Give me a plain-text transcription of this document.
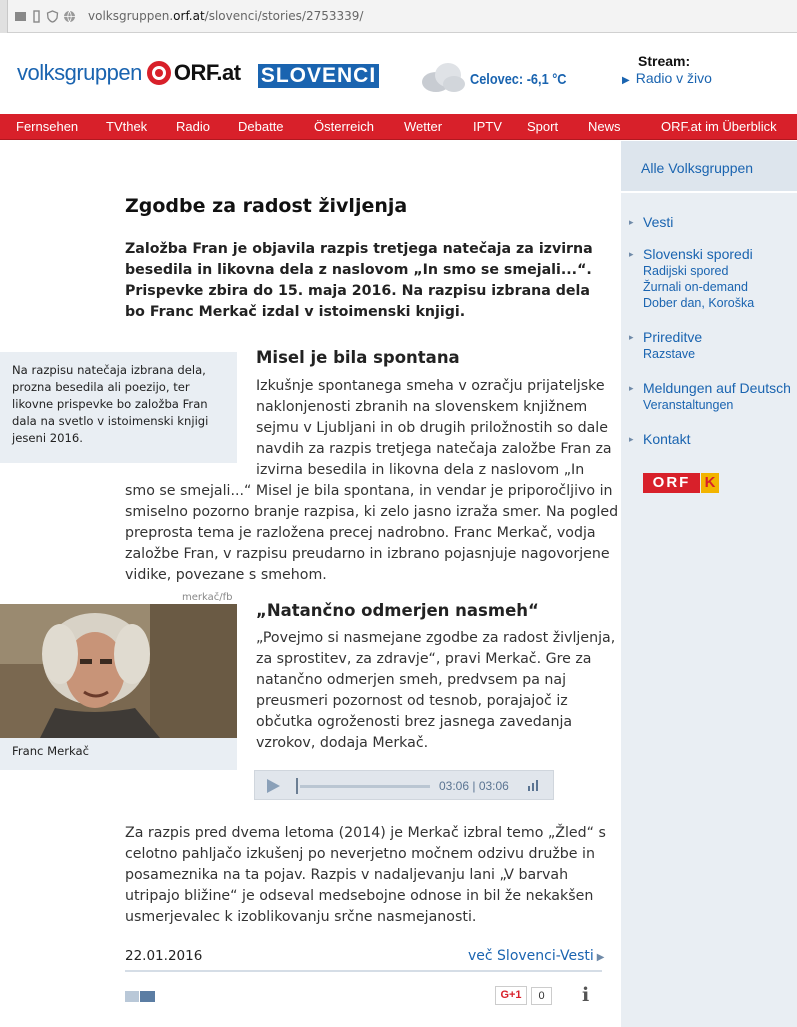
volksgruppen.orf.at/slovenci/stories/2753339/
volksgruppen ORF.at SLOVENCI	Celovec: -6,1 °C
Stream:
▶ Radio v živo
Fernsehen TVthek Radio Debatte Österreich Wetter IPTV Sport News	ORF.at im Überblick
Alle Volksgruppen
▸ Vesti
▸ Slovenski sporedi
Radijski spored
Žurnali on-demand
Dober dan, Koroška
▸ Prireditve
Razstave
▸ Meldungen auf Deutsch
Veranstaltungen
▸ Kontakt
ORF K
Zgodbe za radost življenja

Založba Fran je objavila razpis tretjega natečaja za izvirna besedila in likovna dela z naslovom „In smo se smejali...“. Prispevke zbira do 15. maja 2016. Na razpisu izbrana dela bo Franc Merkač izdal v istoimenski knjigi.

Na razpisu natečaja izbrana dela, prozna besedila ali poezijo, ter likovne prispevke bo založba Fran dala na svetlo v istoimenski knjigi jeseni 2016.
Misel je bila spontana
Izkušnje spontanega smeha v ozračju prijateljske
naklonjenosti zbranih na slovenskem knjižnem
sejmu v Ljubljani in ob drugih priložnostih so dale
navdih za razpis tretjega natečaja založbe Fran za
izvirna besedila in likovna dela z naslovom „In
smo se smejali...“ Misel je bila spontana, in vendar je priporočljivo in
smiselno pozorno branje razpisa, ki zelo jasno izraža smer. Na pogled
preprosta tema je razložena precej nadrobno. Franc Merkač, vodja
založbe Fran, v razpisu preudarno in izbrano pojasnjuje nagovorjene
vidike, povezane s smehom.
merkač/fb
Franc Merkač
„Natančno odmerjen nasmeh“
„Povejmo si nasmejane zgodbe za radost življenja,
za sprostitev, za zdravje“, pravi Merkač. Gre za
natančno odmerjen smeh, predvsem pa naj
preusmeri pozornost od tesnob, porajajoč iz
občutka ogroženosti brez jasnega zavedanja
vzrokov, dodaja Merkač.
03:06 | 03:06
Za razpis pred dvema letoma (2014) je Merkač izbral temo „Žled“ s
celotno pahljačo izkušenj po neverjetno močnem odzivu družbe in
posameznika na ta pojav. Razpis v nadaljevanju lani „V barvah
utripajo bližine“ je odseval medsebojne odnose in bil že nekakšen
usmerjevalec k izoblikovanju srčne nasmejanosti.
22.01.2016	več Slovenci-Vesti ▶
G+1	0	i
